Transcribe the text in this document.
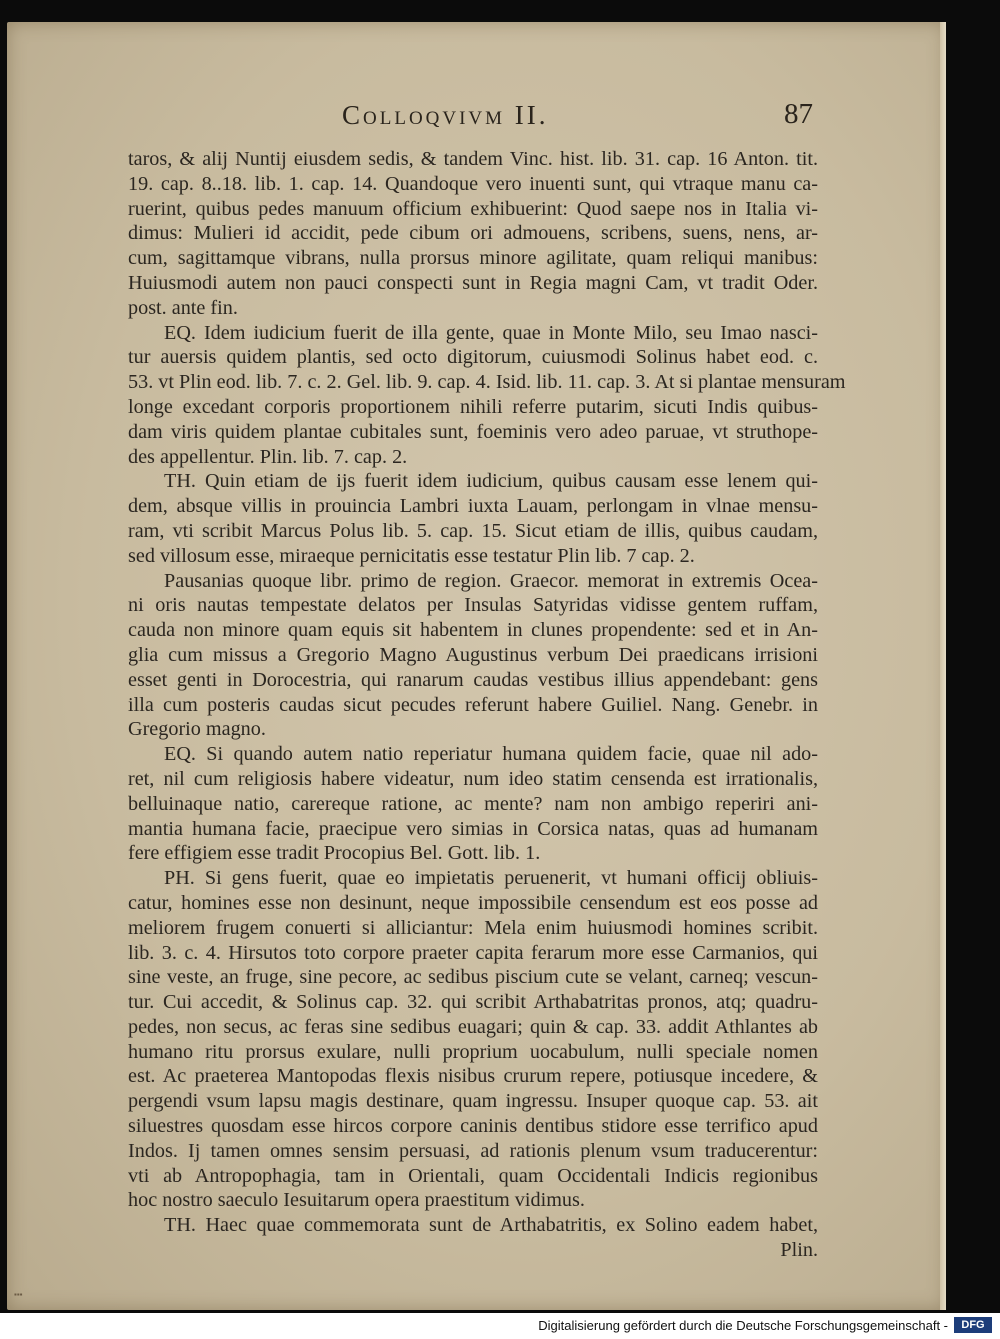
Colloqvivm II.	87
taros, & alij Nuntij eiusdem sedis, & tandem Vinc. hist. lib. 31. cap. 16 Anton. tit.
19. cap. 8..18. lib. 1. cap. 14. Quandoque vero inuenti sunt, qui vtraque manu ca-
ruerint, quibus pedes manuum officium exhibuerint: Quod saepe nos in Italia vi-
dimus: Mulieri id accidit, pede cibum ori admouens, scribens, suens, nens, ar-
cum, sagittamque vibrans, nulla prorsus minore agilitate, quam reliqui manibus:
Huiusmodi autem non pauci conspecti sunt in Regia magni Cam, vt tradit Oder.
post. ante fin.
EQ. Idem iudicium fuerit de illa gente, quae in Monte Milo, seu Imao nasci-
tur auersis quidem plantis, sed octo digitorum, cuiusmodi Solinus habet eod. c.
53. vt Plin eod. lib. 7. c. 2. Gel. lib. 9. cap. 4. Isid. lib. 11. cap. 3. At si plantae mensuram
longe excedant corporis proportionem nihili referre putarim, sicuti Indis quibus-
dam viris quidem plantae cubitales sunt, foeminis vero adeo paruae, vt struthope-
des appellentur. Plin. lib. 7. cap. 2.
TH. Quin etiam de ijs fuerit idem iudicium, quibus causam esse lenem qui-
dem, absque villis in prouincia Lambri iuxta Lauam, perlongam in vlnae mensu-
ram, vti scribit Marcus Polus lib. 5. cap. 15. Sicut etiam de illis, quibus caudam,
sed villosum esse, miraeque pernicitatis esse testatur Plin lib. 7 cap. 2.
Pausanias quoque libr. primo de region. Graecor. memorat in extremis Ocea-
ni oris nautas tempestate delatos per Insulas Satyridas vidisse gentem ruffam,
cauda non minore quam equis sit habentem in clunes propendente: sed et in An-
glia cum missus a Gregorio Magno Augustinus verbum Dei praedicans irrisioni
esset genti in Dorocestria, qui ranarum caudas vestibus illius appendebant: gens
illa cum posteris caudas sicut pecudes referunt habere Guiliel. Nang. Genebr. in
Gregorio magno.
EQ. Si quando autem natio reperiatur humana quidem facie, quae nil ado-
ret, nil cum religiosis habere videatur, num ideo statim censenda est irrationalis,
belluinaque natio, carereque ratione, ac mente? nam non ambigo reperiri ani-
mantia humana facie, praecipue vero simias in Corsica natas, quas ad humanam
fere effigiem esse tradit Procopius Bel. Gott. lib. 1.
PH. Si gens fuerit, quae eo impietatis peruenerit, vt humani officij obliuis-
catur, homines esse non desinunt, neque impossibile censendum est eos posse ad
meliorem frugem conuerti si alliciantur: Mela enim huiusmodi homines scribit.
lib. 3. c. 4. Hirsutos toto corpore praeter capita ferarum more esse Carmanios, qui
sine veste, an fruge, sine pecore, ac sedibus piscium cute se velant, carneq; vescun-
tur. Cui accedit, & Solinus cap. 32. qui scribit Arthabatritas pronos, atq; quadru-
pedes, non secus, ac feras sine sedibus euagari; quin & cap. 33. addit Athlantes ab
humano ritu prorsus exulare, nulli proprium uocabulum, nulli speciale nomen
est. Ac praeterea Mantopodas flexis nisibus crurum repere, potiusque incedere, &
pergendi vsum lapsu magis destinare, quam ingressu. Insuper quoque cap. 53. ait
siluestres quosdam esse hircos corpore caninis dentibus stidore esse terrifico apud
Indos. Ij tamen omnes sensim persuasi, ad rationis plenum vsum traducerentur:
vti ab Antropophagia, tam in Orientali, quam Occidentali Indicis regionibus
hoc nostro saeculo Iesuitarum opera praestitum vidimus.
TH. Haec quae commemorata sunt de Arthabatritis, ex Solino eadem habet,
Plin.
▪▪▪
Digitalisierung gefördert durch die Deutsche Forschungsgemeinschaft -	DFG
